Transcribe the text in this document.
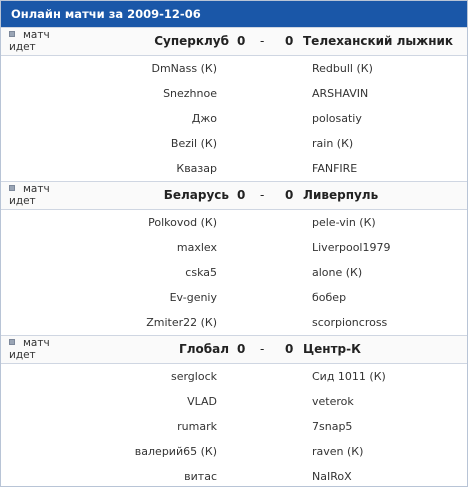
Онлайн матчи за 2009-12-06
матч идет	Суперклуб 0 - 0 Телеханский лыжник
DmNass (К)	Redbull (К)
Snezhnoe	ARSHAVIN
Джо	polosatiy
Bezil (К)	rain (К)
Квазар	FANFIRE
матч идет	Беларусь 0 - 0 Ливерпуль
Polkovod (К)	pele-vin (К)
maxlex	Liverpool1979
cska5	alone (К)
Ev-geniy	бобер
Zmiter22 (К)	scorpioncross
матч идет	Глобал 0 - 0 Центр-К
serglock	Сид 1011 (К)
VLAD	veterok
rumark	7snap5
валерий65 (К)	raven (К)
витас	NaIRoX
